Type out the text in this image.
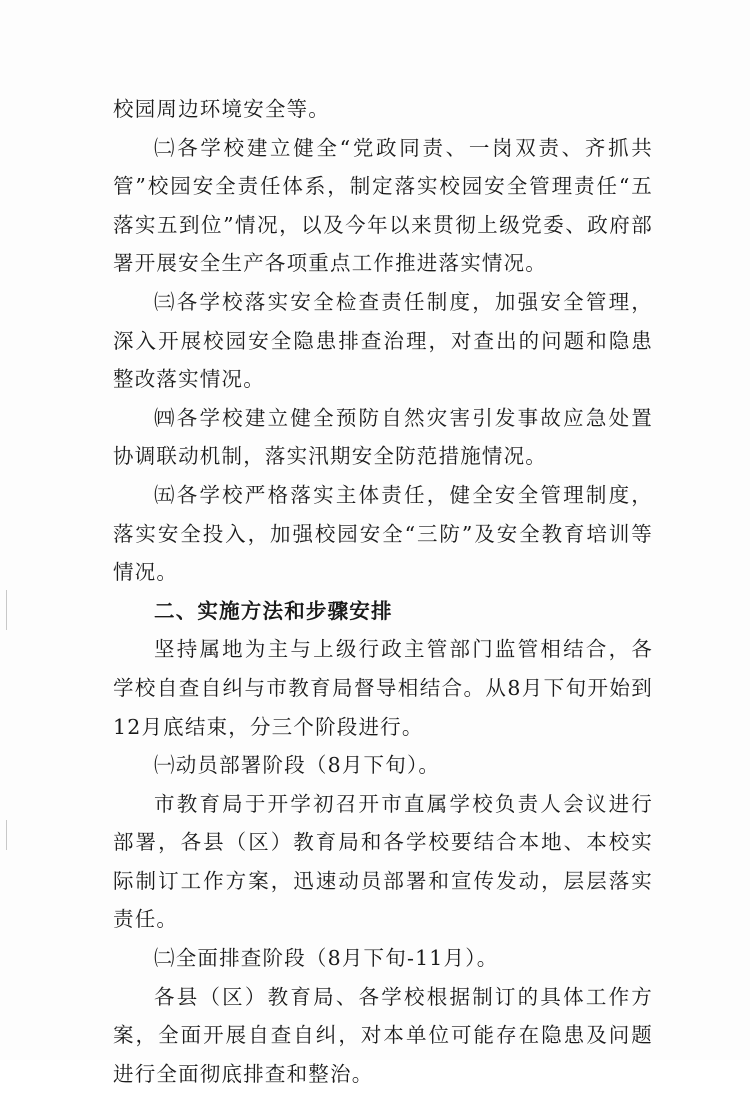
校园周边环境安全等。

㈡各学校建立健全“党政同责、一岗双责、齐抓共管”校园安全责任体系，制定落实校园安全管理责任“五落实五到位”情况，以及今年以来贯彻上级党委、政府部署开展安全生产各项重点工作推进落实情况。

㈢各学校落实安全检查责任制度，加强安全管理，深入开展校园安全隐患排查治理，对查出的问题和隐患整改落实情况。

㈣各学校建立健全预防自然灾害引发事故应急处置协调联动机制，落实汛期安全防范措施情况。

㈤各学校严格落实主体责任，健全安全管理制度，落实安全投入，加强校园安全“三防”及安全教育培训等情况。

二、实施方法和步骤安排

坚持属地为主与上级行政主管部门监管相结合，各学校自查自纠与市教育局督导相结合。从8月下旬开始到12月底结束，分三个阶段进行。

㈠动员部署阶段（8月下旬）。

市教育局于开学初召开市直属学校负责人会议进行部署，各县（区）教育局和各学校要结合本地、本校实际制订工作方案，迅速动员部署和宣传发动，层层落实责任。

㈡全面排查阶段（8月下旬-11月）。

各县（区）教育局、各学校根据制订的具体工作方案，全面开展自查自纠，对本单位可能存在隐患及问题进行全面彻底排查和整治。
